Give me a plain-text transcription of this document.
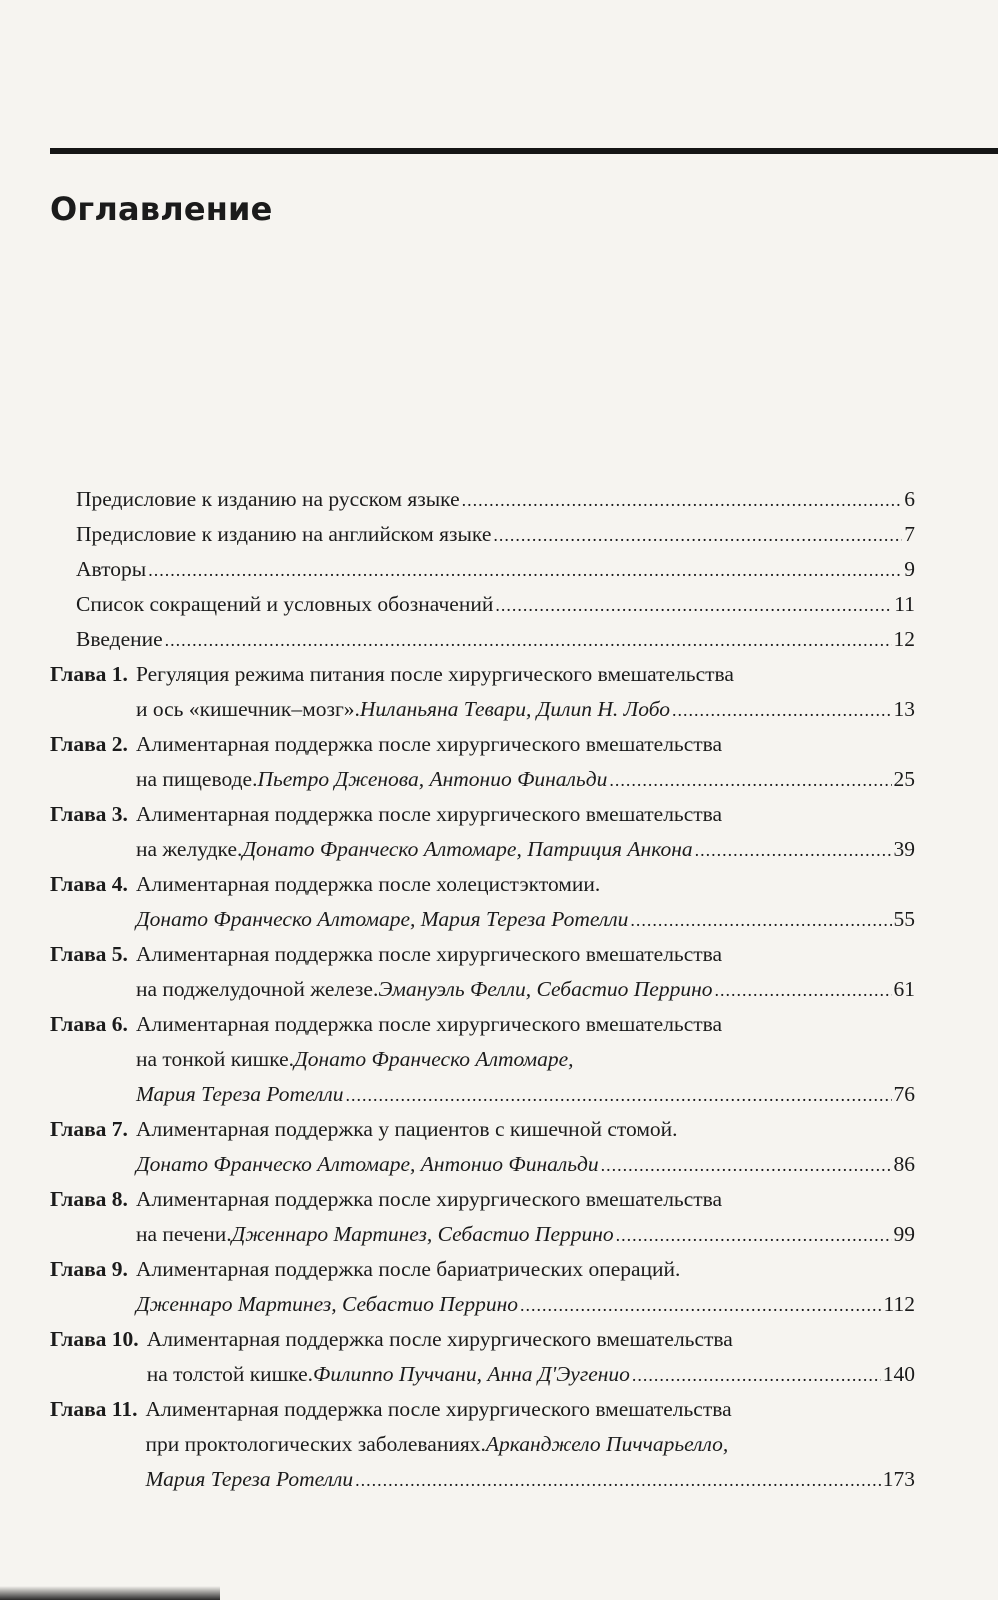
Оглавление
Предисловие к изданию на русском языке .....	6
Предисловие к изданию на английском языке .....	7
Авторы .....	9
Список сокращений и условных обозначений .....	11
Введение .....	12
Глава 1. Регуляция режима питания после хирургического вмешательства
и ось «кишечник–мозг». Ниланьяна Тевари, Дилип Н. Лобо .....	13
Глава 2. Алиментарная поддержка после хирургического вмешательства
на пищеводе. Пьетро Дженова, Антонио Финальди .....	25
Глава 3. Алиментарная поддержка после хирургического вмешательства
на желудке. Донато Франческо Алтомаре, Патриция Анкона .....	39
Глава 4. Алиментарная поддержка после холецистэктомии.
Донато Франческо Алтомаре, Мария Тереза Ротелли .....	55
Глава 5. Алиментарная поддержка после хирургического вмешательства
на поджелудочной железе. Эмануэль Фелли, Себастио Перрино .....	61
Глава 6. Алиментарная поддержка после хирургического вмешательства
на тонкой кишке. Донато Франческо Алтомаре,
Мария Тереза Ротелли .....	76
Глава 7. Алиментарная поддержка у пациентов с кишечной стомой.
Донато Франческо Алтомаре, Антонио Финальди .....	86
Глава 8. Алиментарная поддержка после хирургического вмешательства
на печени. Дженнаро Мартинез, Себастио Перрино .....	99
Глава 9. Алиментарная поддержка после бариатрических операций.
Дженнаро Мартинез, Себастио Перрино .....	112
Глава 10. Алиментарная поддержка после хирургического вмешательства
на толстой кишке. Филиппо Пуччани, Анна Д'Эугенио .....	140
Глава 11. Алиментарная поддержка после хирургического вмешательства
при проктологических заболеваниях. Арканджело Пиччарьелло,
Мария Тереза Ротелли .....	173
